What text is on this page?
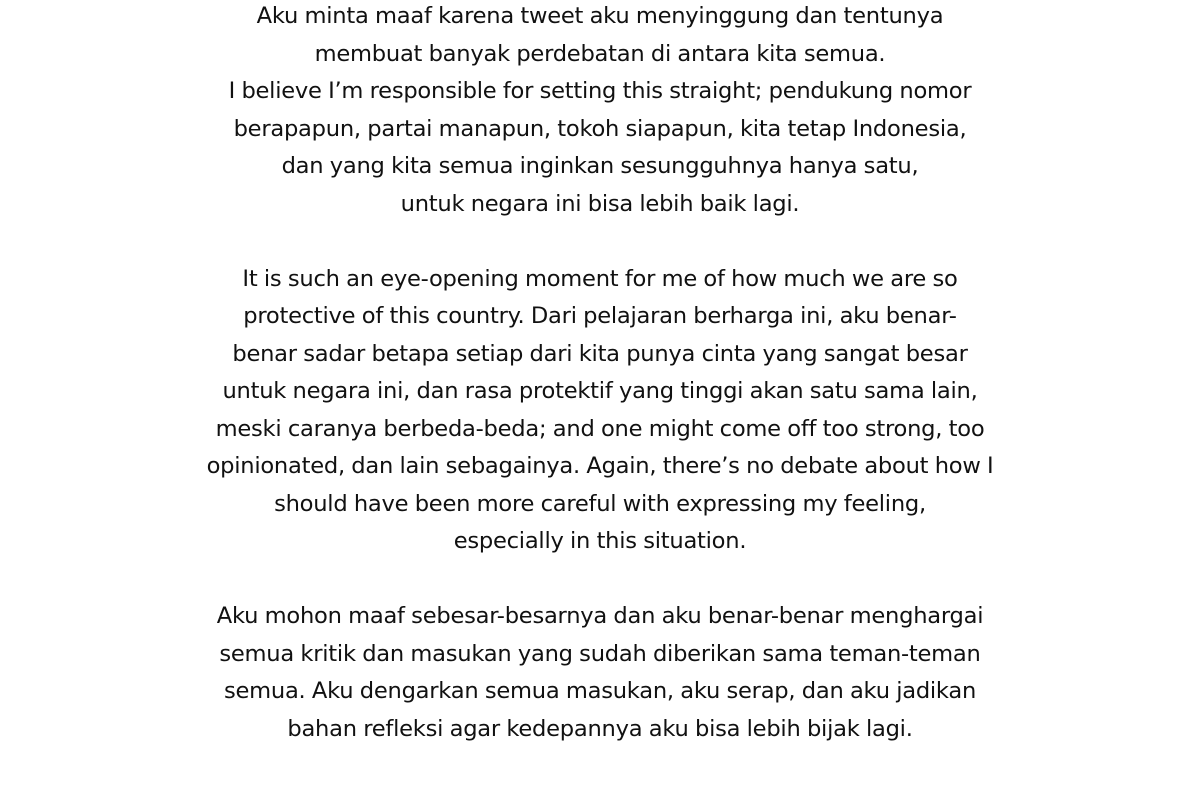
Aku minta maaf karena tweet aku menyinggung dan tentunya
membuat banyak perdebatan di antara kita semua.
I believe I’m responsible for setting this straight; pendukung nomor
berapapun, partai manapun, tokoh siapapun, kita tetap Indonesia,
dan yang kita semua inginkan sesungguhnya hanya satu,
untuk negara ini bisa lebih baik lagi.
It is such an eye-opening moment for me of how much we are so
protective of this country. Dari pelajaran berharga ini, aku benar-
benar sadar betapa setiap dari kita punya cinta yang sangat besar
untuk negara ini, dan rasa protektif yang tinggi akan satu sama lain,
meski caranya berbeda-beda; and one might come off too strong, too
opinionated, dan lain sebagainya. Again, there’s no debate about how I
should have been more careful with expressing my feeling,
especially in this situation.
Aku mohon maaf sebesar-besarnya dan aku benar-benar menghargai
semua kritik dan masukan yang sudah diberikan sama teman-teman
semua. Aku dengarkan semua masukan, aku serap, dan aku jadikan
bahan refleksi agar kedepannya aku bisa lebih bijak lagi.
